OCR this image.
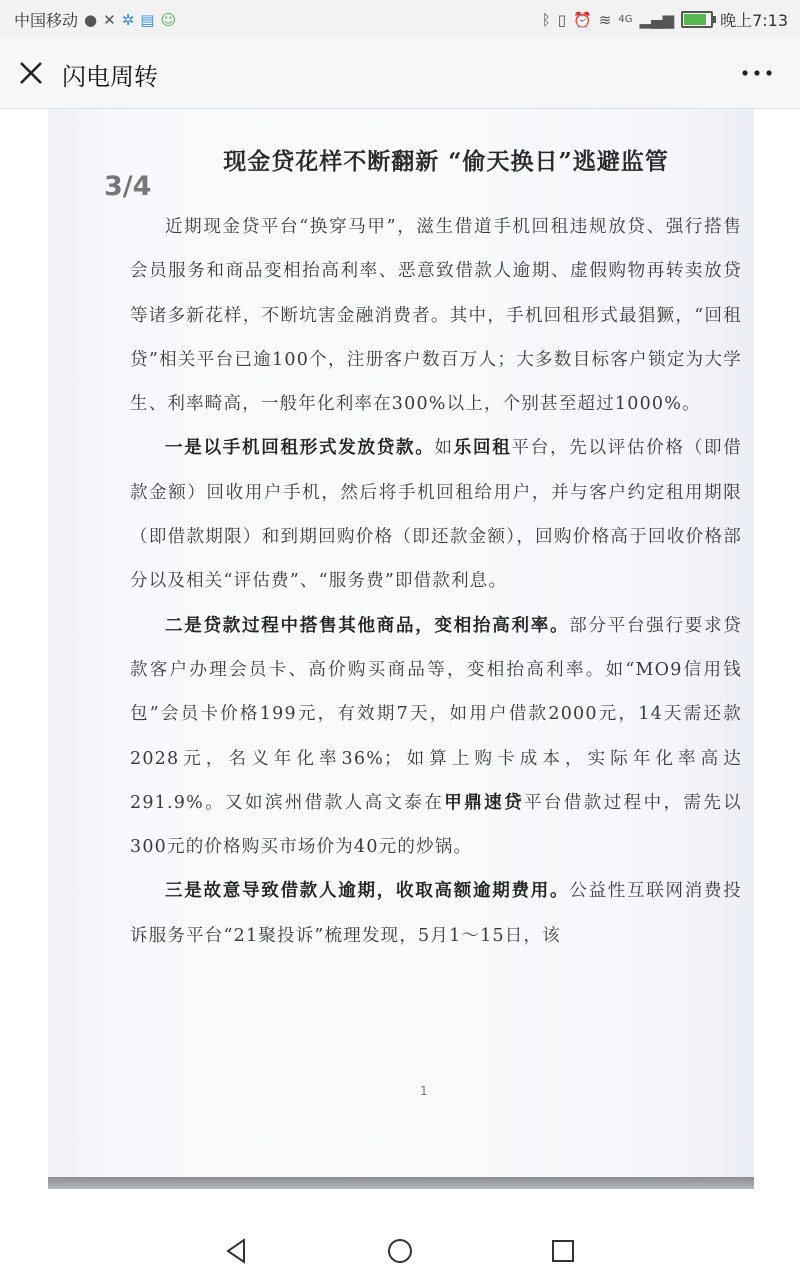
中国移动 ● ✕ ✲ ▤ ☺	ᛒ ▯ ⏰ ≋ 4G ▂▄▆	晚上7:13
闪电周转
3/4
现金贷花样不断翻新 “偷天换日”逃避监管

近期现金贷平台“换穿马甲”，滋生借道手机回租违规放贷、强行搭售会员服务和商品变相抬高利率、恶意致借款人逾期、虚假购物再转卖放贷等诸多新花样，不断坑害金融消费者。其中，手机回租形式最猖獗，“回租贷”相关平台已逾100个，注册客户数百万人；大多数目标客户锁定为大学生、利率畸高，一般年化利率在300%以上，个别甚至超过1000%。

一是以手机回租形式发放贷款。如乐回租平台，先以评估价格（即借款金额）回收用户手机，然后将手机回租给用户，并与客户约定租用期限（即借款期限）和到期回购价格（即还款金额），回购价格高于回收价格部分以及相关“评估费”、“服务费”即借款利息。

二是贷款过程中搭售其他商品，变相抬高利率。部分平台强行要求贷款客户办理会员卡、高价购买商品等，变相抬高利率。如“MO9信用钱包”会员卡价格199元，有效期7天，如用户借款2000元，14天需还款2028元，名义年化率36%；如算上购卡成本，实际年化率高达291.9%。又如滨州借款人高文泰在甲鼎速贷平台借款过程中，需先以300元的价格购买市场价为40元的炒锅。

三是故意导致借款人逾期，收取高额逾期费用。公益性互联网消费投诉服务平台“21聚投诉”梳理发现，5月1～15日，该

1
